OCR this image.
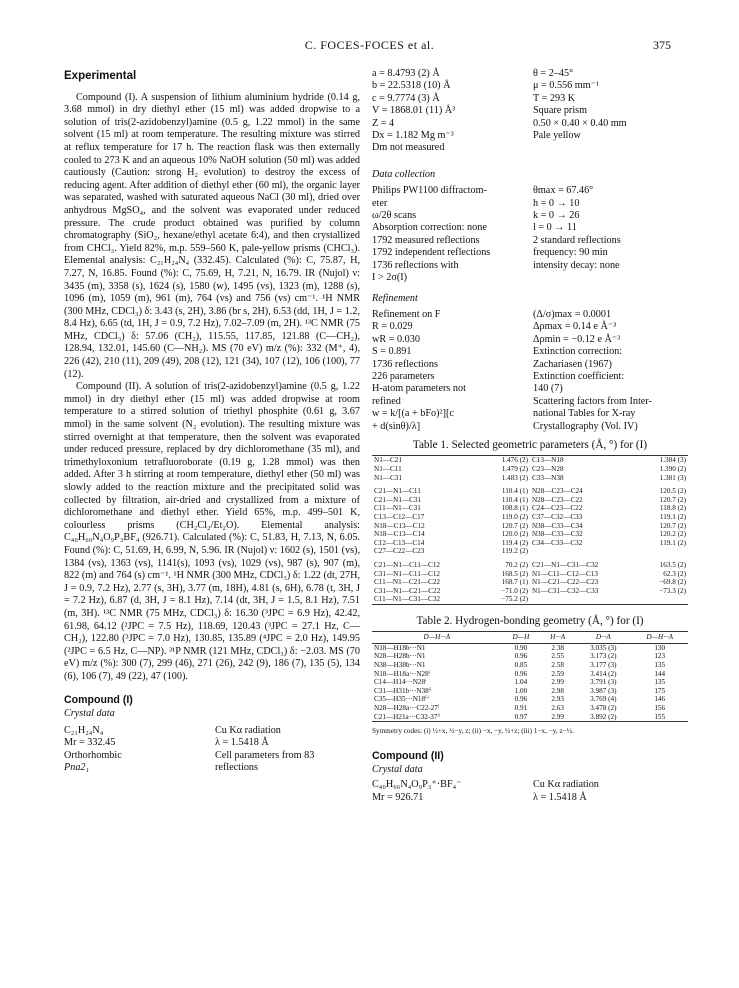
C. FOCES-FOCES et al.	375
Experimental

Compound (I). A suspension of lithium aluminium hydride (0.14 g, 3.68 mmol) in dry diethyl ether (15 ml) was added dropwise to a solution of tris(2-azidobenzyl)amine (0.5 g, 1.22 mmol) in the same solvent (15 ml) at room temperature. The resulting mixture was stirred at reflux temperature for 17 h. The reaction flask was then externally cooled to 273 K and an aqueous 10% NaOH solution (50 ml) was added cautiously (Caution: strong H₂ evolution) to destroy the excess of reducing agent. After addition of diethyl ether (60 ml), the organic layer was separated, washed with saturated aqueous NaCl (30 ml), dried over anhydrous MgSO₄, and the solvent was evaporated under reduced pressure. The crude product obtained was purified by column chromatography (SiO₂, hexane/ethyl acetate 6:4), and then crystallized from CHCl₃. Yield 82%, m.p. 559–560 K, pale-yellow prisms (CHCl₃). Elemental analysis: C₂₁H₂₄N₄ (332.45). Calculated (%): C, 75.87, H, 7.27, N, 16.85. Found (%): C, 75.69, H, 7.21, N, 16.79. IR (Nujol) ν: 3435 (m), 3358 (s), 1624 (s), 1580 (w), 1495 (vs), 1323 (m), 1288 (s), 1096 (m), 1059 (m), 961 (m), 764 (vs) and 756 (vs) cm⁻¹. ¹H NMR (300 MHz, CDCl₃) δ: 3.43 (s, 2H), 3.86 (br s, 2H), 6.53 (dd, 1H, J = 1.2, 8.4 Hz), 6.65 (td, 1H, J = 0.9, 7.2 Hz), 7.02–7.09 (m, 2H). ¹³C NMR (75 MHz, CDCl₃) δ: 57.06 (CH₂), 115.55, 117.85, 121.88 (C—CH₂), 128.94, 132.01, 145.60 (C—NH₂). MS (70 eV) m/z (%): 332 (M⁺, 4), 226 (42), 210 (11), 209 (49), 208 (12), 121 (34), 107 (12), 106 (100), 77 (12).

Compound (II). A solution of tris(2-azidobenzyl)amine (0.5 g, 1.22 mmol) in dry diethyl ether (15 ml) was added dropwise at room temperature to a stirred solution of triethyl phosphite (0.61 g, 3.67 mmol) in the same solvent (N₂ evolution). The resulting mixture was stirred overnight at that temperature, then the solvent was evaporated under reduced pressure, replaced by dry dichloromethane (35 ml), and trimethyloxonium tetrafluoroborate (0.19 g, 1.28 mmol) was then added. After 3 h stirring at room temperature, diethyl ether (50 ml) was slowly added to the reaction mixture and the precipitated solid was collected by filtration, air-dried and crystallized from a mixture of dichloromethane and diethyl ether. Yield 65%, m.p. 499–501 K, colourless prisms (CH₂Cl₂/Et₂O). Elemental analysis: C₄₀H₆₀N₄O₉P₃BF₄ (926.71). Calculated (%): C, 51.83, H, 7.13, N, 6.05. Found (%): C, 51.69, H, 6.99, N, 5.96. IR (Nujol) ν: 1602 (s), 1501 (vs), 1384 (vs), 1363 (vs), 1141(s), 1093 (vs), 1029 (vs), 987 (s), 907 (m), 822 (m) and 764 (s) cm⁻¹. ¹H NMR (300 MHz, CDCl₃) δ: 1.22 (dt, 27H, J = 0.9, 7.2 Hz), 2.77 (s, 3H), 3.77 (m, 18H), 4.81 (s, 6H), 6.78 (t, 3H, J = 7.2 Hz), 6.87 (d, 3H, J = 8.1 Hz), 7.14 (dt, 3H, J = 1.5, 8.1 Hz), 7.51 (m, 3H). ¹³C NMR (75 MHz, CDCl₃) δ: 16.30 (³JPC = 6.9 Hz), 42.42, 61.98, 64.12 (²JPC = 7.5 Hz), 118.69, 120.43 (³JPC = 27.1 Hz, C—CH₂), 122.80 (³JPC = 7.0 Hz), 130.85, 135.89 (⁴JPC = 2.0 Hz), 149.95 (²JPC = 6.5 Hz, C—NP). ³¹P NMR (121 MHz, CDCl₃) δ: −2.03. MS (70 eV) m/z (%): 300 (7), 299 (46), 271 (26), 242 (9), 186 (7), 135 (5), 134 (6), 106 (7), 49 (22), 47 (100).

Compound (I)
Crystal data
C₂₁H₂₄N₄	Cu Kα radiation
Mr = 332.45	λ = 1.5418 Å
Orthorhombic	Cell parameters from 83
Pna2₁	reflections
a = 8.4793 (2) Å	θ = 2–45°
b = 22.5318 (10) Å	μ = 0.556 mm⁻¹
c = 9.7774 (3) Å	T = 293 K
V = 1868.01 (11) Å³	Square prism
Z = 4	0.50 × 0.40 × 0.40 mm
Dx = 1.182 Mg m⁻³	Pale yellow
Dm not measured
Data collection
Philips PW1100 diffractom-	θmax = 67.46°
eter	h = 0 → 10
ω/2θ scans	k = 0 → 26
Absorption correction: none	l = 0 → 11
1792 measured reflections	2 standard reflections
1792 independent reflections	frequency: 90 min
1736 reflections with	intensity decay: none
I > 2σ(I)
Refinement
Refinement on F	(Δ/σ)max = 0.0001
R = 0.029	Δρmax = 0.14 e Å⁻³
wR = 0.030	Δρmin = −0.12 e Å⁻³
S = 0.891	Extinction correction:
1736 reflections	Zachariasen (1967)
226 parameters	Extinction coefficient:
H-atom parameters not	140 (7)
refined	Scattering factors from Inter-
w = k/[(a + bFo)²][c	national Tables for X-ray
+ d(sinθ)/λ]	Crystallography (Vol. IV)
Table 1. Selected geometric parameters (Å, °) for (I)
N1—C21	1.476 (2)	C13—N18	1.384 (3)
N1—C11	1.479 (2)	C23—N28	1.390 (2)
N1—C31	1.483 (2)	C33—N38	1.381 (3)

C21—N1—C11	110.4 (1)	N28—C23—C24	120.5 (2)
C21—N1—C31	110.4 (1)	N28—C23—C22	120.7 (2)
C11—N1—C31	108.8 (1)	C24—C23—C22	118.8 (2)
C13—C12—C17	119.0 (2)	C37—C32—C33	119.1 (2)
N18—C13—C12	120.7 (2)	N38—C33—C34	120.7 (2)
N18—C13—C14	120.0 (2)	N38—C33—C32	120.2 (2)
C12—C13—C14	119.4 (2)	C34—C33—C32	119.1 (2)
C27—C22—C23	119.2 (2)		

C21—N1—C11—C12	70.2 (2)	C21—N1—C31—C32	163.5 (2)
C31—N1—C11—C12	168.5 (2)	N1—C11—C12—C13	62.3 (2)
C11—N1—C21—C22	168.7 (1)	N1—C21—C22—C23	−69.8 (2)
C31—N1—C21—C22	−71.0 (2)	N1—C31—C32—C33	−73.3 (2)
C11—N1—C31—C32	−75.2 (2)		
Table 2. Hydrogen-bonding geometry (Å, °) for (I)
D—H···A	D—H	H···A	D···A	D—H···A
N18—H18b···N1	0.90	2.38	3.035 (3)	130
N28—H28b···N1	0.96	2.55	3.173 (2)	123
N38—H38b···N1	0.85	2.58	3.177 (3)	135
N18—H18a···N28ⁱ	0.96	2.59	3.414 (2)	144
C14—H14···N28ⁱ	1.04	2.99	3.791 (3)	135
C31—H31b···N38ⁱⁱ	1.00	2.98	3.987 (3)	175
C35—H35···N18ⁱⁱⁱ	0.96	2.93	3.769 (4)	146
N28—H28a···C22-27ⁱ	0.91	2.63	3.478 (2)	156
C21—H21a···C32-37ⁱⁱ	0.97	2.99	3.892 (2)	155
Symmetry codes: (i) ½+x, ½−y, z; (ii) −x, −y, ½+z; (iii) 1−x, −y, z−½.
Compound (II)
Crystal data
C₄₀H₆₆N₄O₉P₃⁺·BF₄⁻	Cu Kα radiation
Mr = 926.71	λ = 1.5418 Å
